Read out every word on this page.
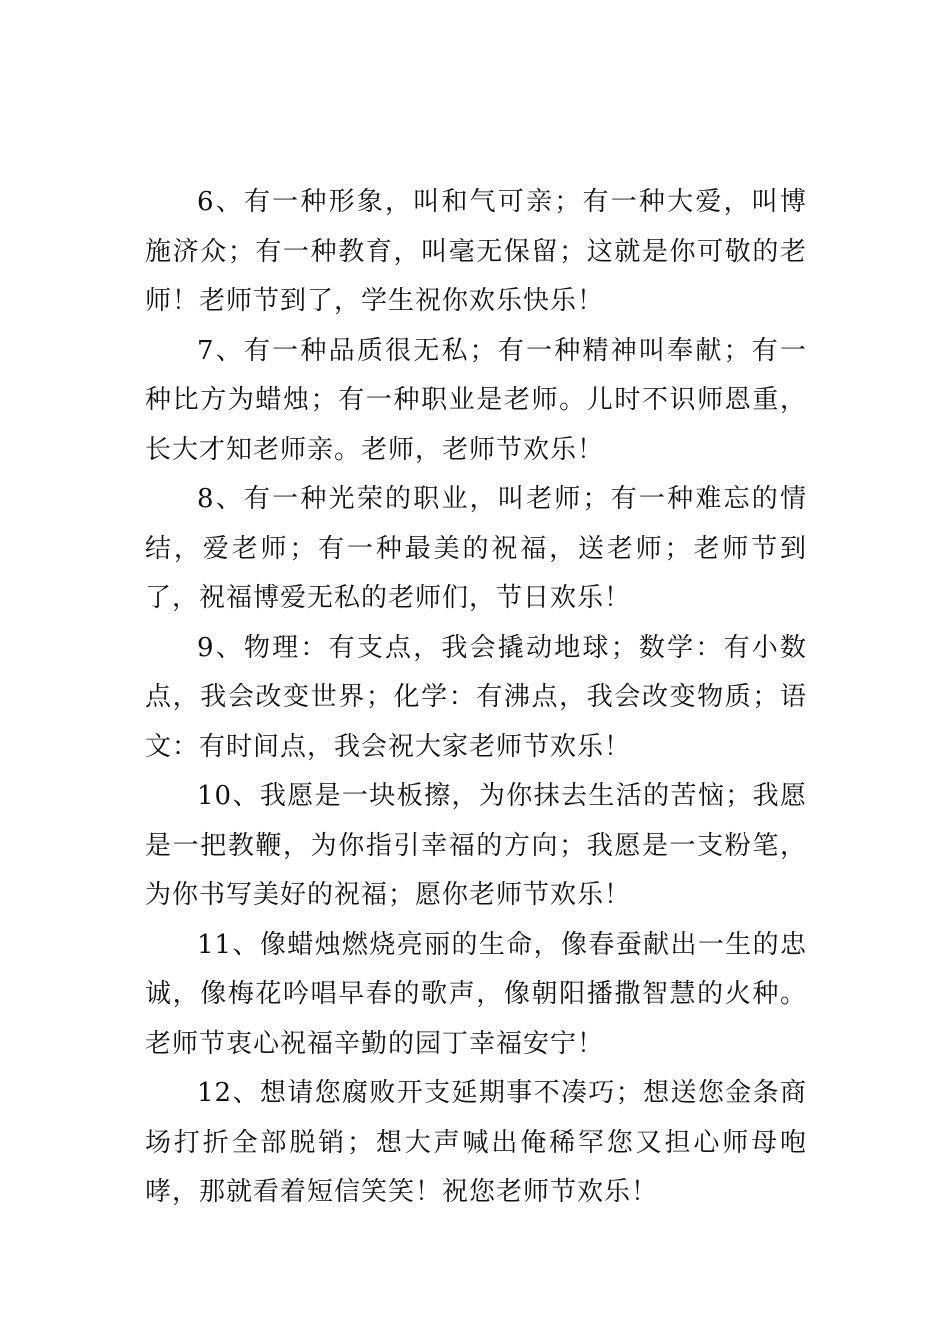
6、有一种形象，叫和气可亲；有一种大爱，叫博施济众；有一种教育，叫毫无保留；这就是你可敬的老师！老师节到了，学生祝你欢乐快乐！

7、有一种品质很无私；有一种精神叫奉献；有一种比方为蜡烛；有一种职业是老师。儿时不识师恩重，长大才知老师亲。老师，老师节欢乐！

8、有一种光荣的职业，叫老师；有一种难忘的情结，爱老师；有一种最美的祝福，送老师；老师节到了，祝福博爱无私的老师们，节日欢乐！

9、物理：有支点，我会撬动地球；数学：有小数点，我会改变世界；化学：有沸点，我会改变物质；语文：有时间点，我会祝大家老师节欢乐！

10、我愿是一块板擦，为你抹去生活的苦恼；我愿是一把教鞭，为你指引幸福的方向；我愿是一支粉笔，为你书写美好的祝福；愿你老师节欢乐！

11、像蜡烛燃烧亮丽的生命，像春蚕献出一生的忠诚，像梅花吟唱早春的歌声，像朝阳播撒智慧的火种。老师节衷心祝福辛勤的园丁幸福安宁！

12、想请您腐败开支延期事不凑巧；想送您金条商场打折全部脱销；想大声喊出俺稀罕您又担心师母咆哮，那就看着短信笑笑！祝您老师节欢乐！
